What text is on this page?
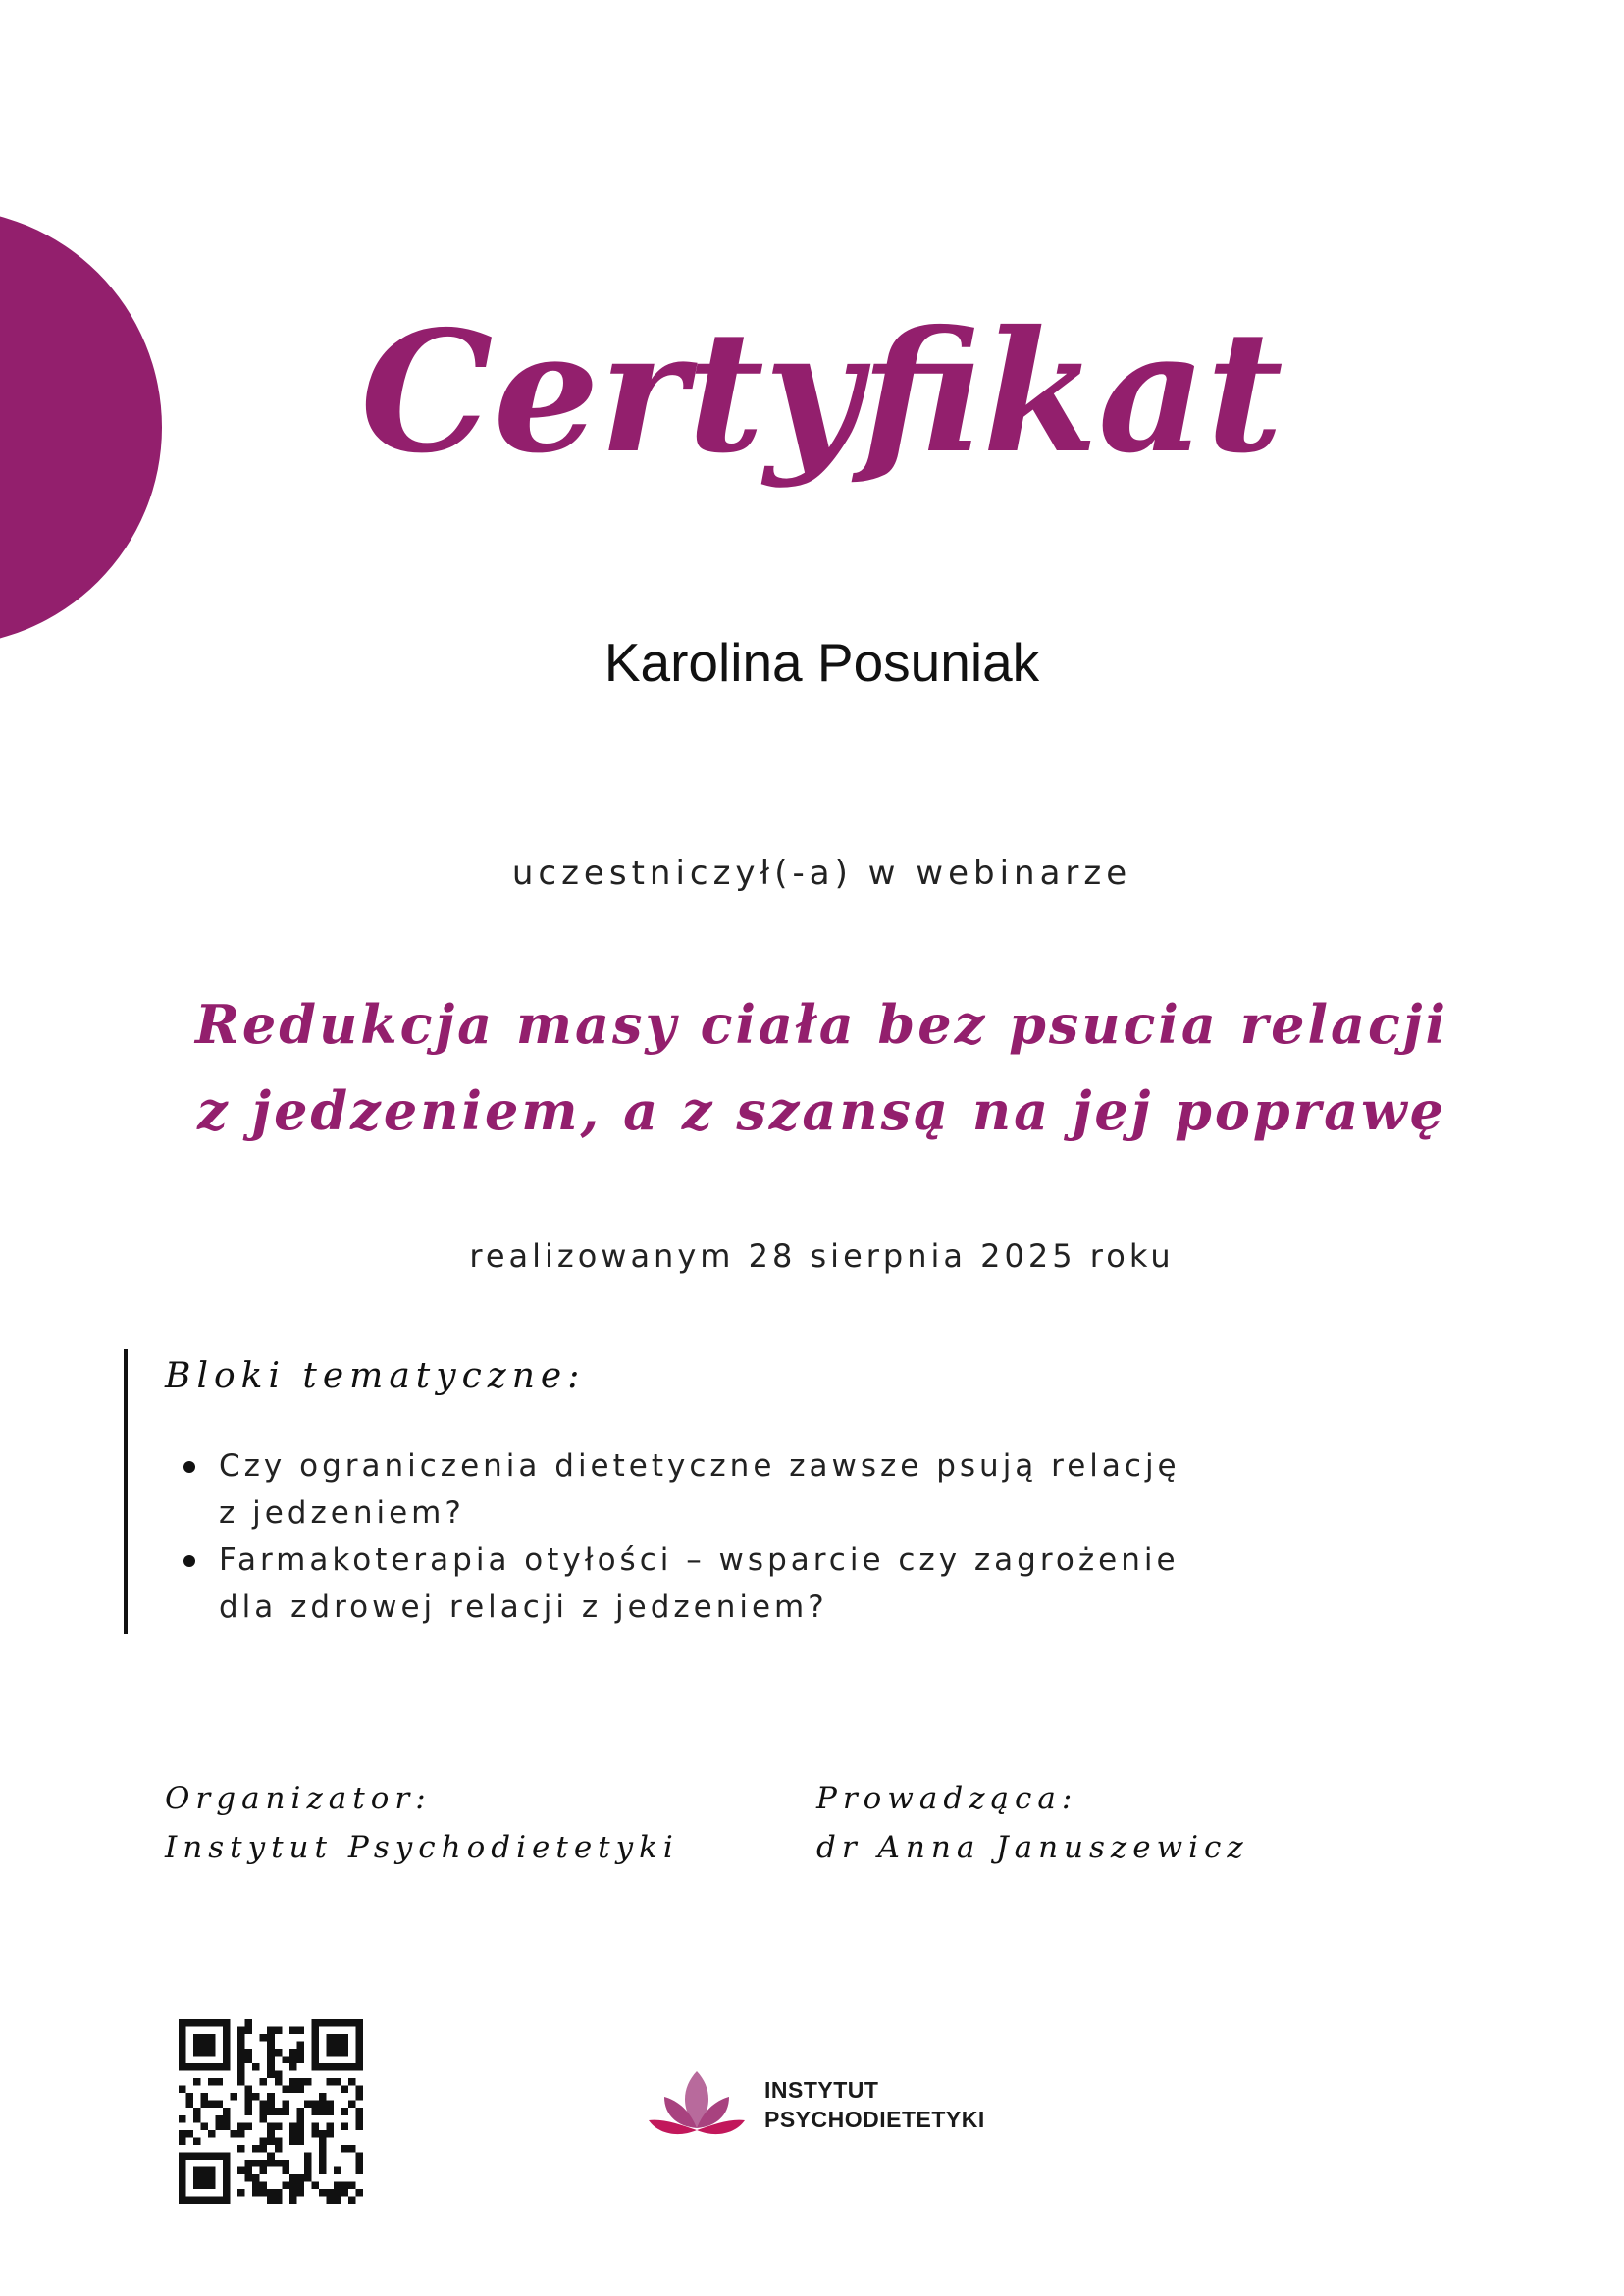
Certyfikat
Karolina Posuniak
uczestniczył(-a) w webinarze
Redukcja masy ciała bez psucia relacji
z jedzeniem, a z szansą na jej poprawę
realizowanym 28 sierpnia 2025 roku
Bloki tematyczne:
Czy ograniczenia dietetyczne zawsze psują relację
z jedzeniem?
Farmakoterapia otyłości – wsparcie czy zagrożenie
dla zdrowej relacji z jedzeniem?
Organizator:
Instytut Psychodietetyki
Prowadząca:
dr Anna Januszewicz
INSTYTUT
PSYCHODIETETYKI
